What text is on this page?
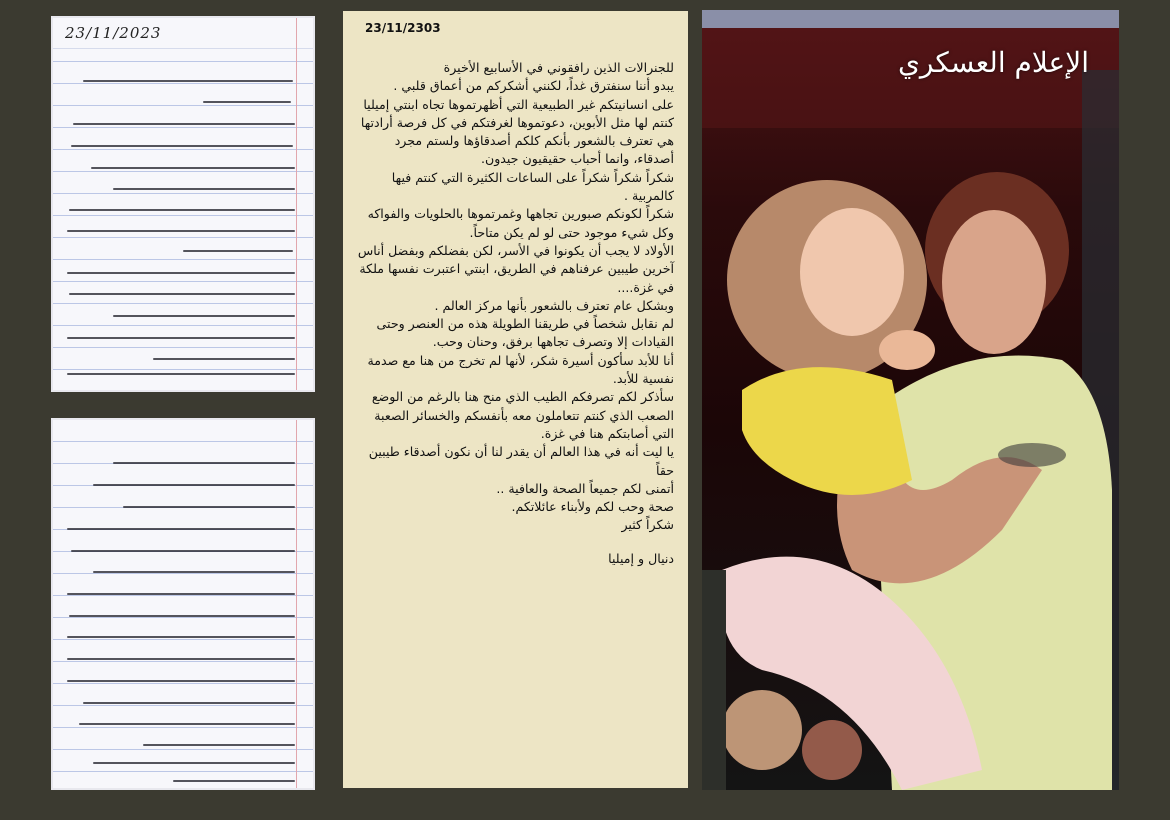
23/11/2023	23/11/2303

للجنرالات الذين رافقوني في الأسابيع الأخيرة

يبدو أننا سنفترق غداً، لكنني أشكركم من أعماق قلبي .

على انسانيتكم غير الطبيعية التي أظهرتموها تجاه ابنتي إميليا

كنتم لها مثل الأبوين، دعوتموها لغرفتكم في كل فرصة أرادتها

هي تعترف بالشعور بأنكم كلكم أصدقاؤها ولستم مجرد أصدقاء، وانما أحباب حقيقيون جيدون.

شكراً شكراً شكراً على الساعات الكثيرة التي كنتم فيها كالمربية .

شكراً لكونكم صبورين تجاهها وغمرتموها بالحلويات والفواكه وكل شيء موجود حتى لو لم يكن متاحاً.

الأولاد لا يجب أن يكونوا في الأسر، لكن بفضلكم وبفضل أناس آخرين طيبين عرفناهم في الطريق، ابنتي اعتبرت نفسها ملكة في غزة....

وبشكل عام تعترف بالشعور بأنها مركز العالم .

لم نقابل شخصاً في طريقنا الطويلة هذه من العنصر وحتى القيادات إلا وتصرف تجاهها برفق، وحنان وحب.

أنا للأبد سأكون أسيرة شكر، لأنها لم تخرج من هنا مع صدمة نفسية للأبد.

سأذكر لكم تصرفكم الطيب الذي منح هنا بالرغم من الوضع الصعب الذي كنتم تتعاملون معه بأنفسكم والخسائر الصعبة التي أصابتكم هنا في غزة.

يا ليت أنه في هذا العالم أن يقدر لنا أن نكون أصدقاء طيبين حقاً

أتمنى لكم جميعاً الصحة والعافية ..

صحة وحب لكم ولأبناء عائلاتكم.

شكراً كثير

دنيال و إميليا
الإعلام العسكري
